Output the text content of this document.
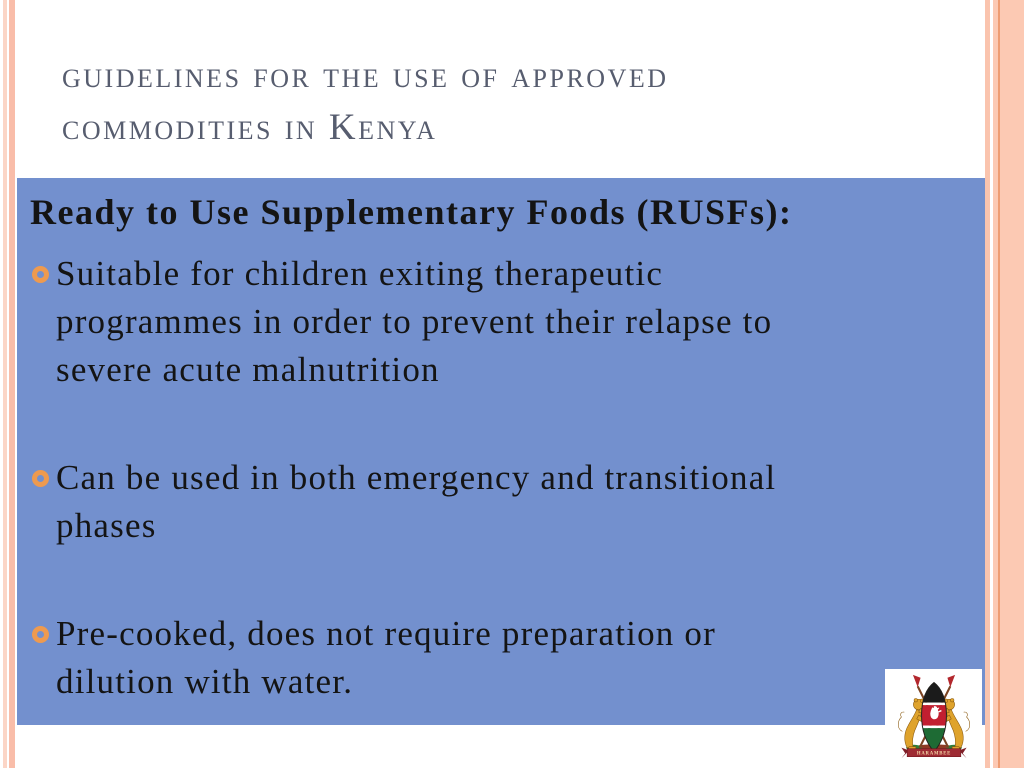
guidelines for the use of approved
commodities in Kenya
Ready to Use Supplementary Foods (RUSFs):
Suitable for children exiting therapeutic
programmes in order to prevent their relapse to
severe acute malnutrition
Can be used in both emergency and transitional
phases
Pre-cooked, does not require preparation or
dilution with water.
HARAMBEE
